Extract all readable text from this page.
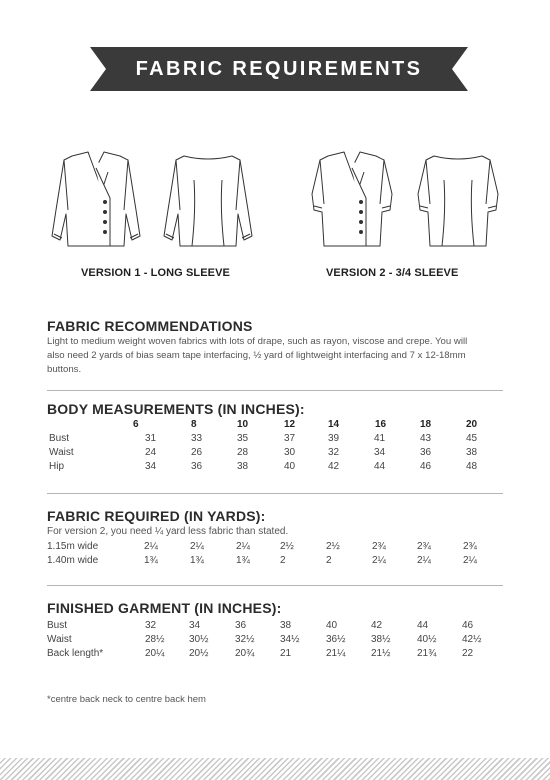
FABRIC REQUIREMENTS
VERSION 1 - LONG SLEEVE	VERSION 2 - 3/4 SLEEVE
FABRIC RECOMMENDATIONS
Light to medium weight woven fabrics with lots of drape, such as rayon, viscose and crepe. You will
also need 2 yards of bias seam tape interfacing, ½ yard of lightweight interfacing and 7 x 12-18mm
buttons.
BODY MEASUREMENTS (IN INCHES):
6	8	10	12	14	16	18	20
Bust	31	33	35	37	39	41	43	45
Waist	24	26	28	30	32	34	36	38
Hip	34	36	38	40	42	44	46	48
FABRIC REQUIRED (IN YARDS):
For version 2, you need ¼ yard less fabric than stated.
1.15m wide	2¼	2¼	2¼	2½	2½	2¾	2¾	2¾
1.40m wide	1¾	1¾	1¾	2	2	2¼	2¼	2¼
FINISHED GARMENT (IN INCHES):
Bust	32	34	36	38	40	42	44	46
Waist	28½ 30½	32½	34½	36½	38½	40½	42½
Back length*	20¼ 20½	20¾	21	21¼	21½	21¾	22
*centre back neck to centre back hem
